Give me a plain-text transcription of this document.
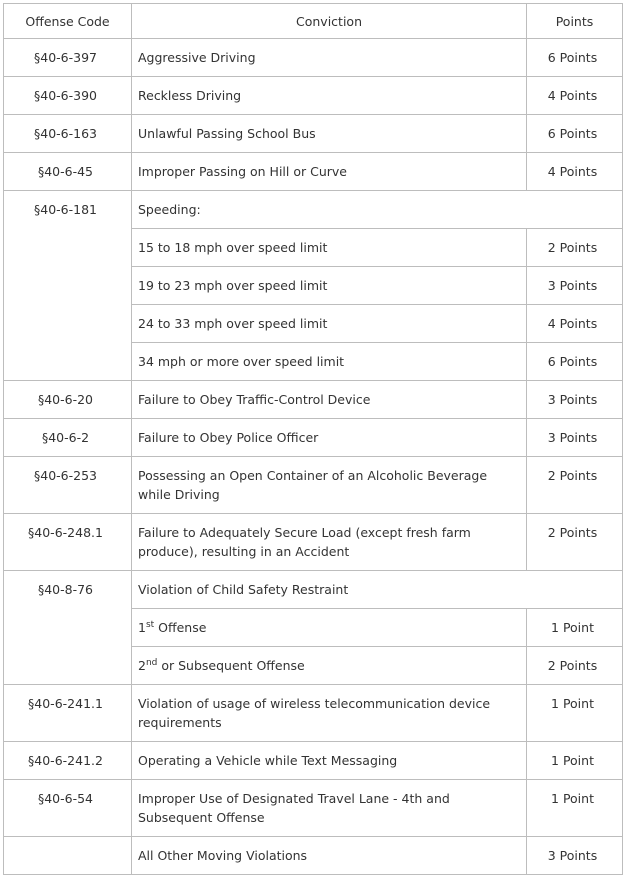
Offense Code	Conviction	Points
§40-6-397	Aggressive Driving	6 Points
§40-6-390	Reckless Driving	4 Points
§40-6-163	Unlawful Passing School Bus	6 Points
§40-6-45	Improper Passing on Hill or Curve	4 Points
§40-6-181	Speeding:	
	15 to 18 mph over speed limit	2 Points
	19 to 23 mph over speed limit	3 Points
	24 to 33 mph over speed limit	4 Points
	34 mph or more over speed limit	6 Points
§40-6-20	Failure to Obey Traffic-Control Device	3 Points
§40-6-2	Failure to Obey Police Officer	3 Points
§40-6-253	Possessing an Open Container of an Alcoholic Beverage while Driving	2 Points
§40-6-248.1	Failure to Adequately Secure Load (except fresh farm produce), resulting in an Accident	2 Points
§40-8-76	Violation of Child Safety Restraint	
	1st Offense	1 Point
	2nd or Subsequent Offense	2 Points
§40-6-241.1	Violation of usage of wireless telecommunication device requirements	1 Point
§40-6-241.2	Operating a Vehicle while Text Messaging	1 Point
§40-6-54	Improper Use of Designated Travel Lane - 4th and Subsequent Offense	1 Point
	All Other Moving Violations	3 Points
